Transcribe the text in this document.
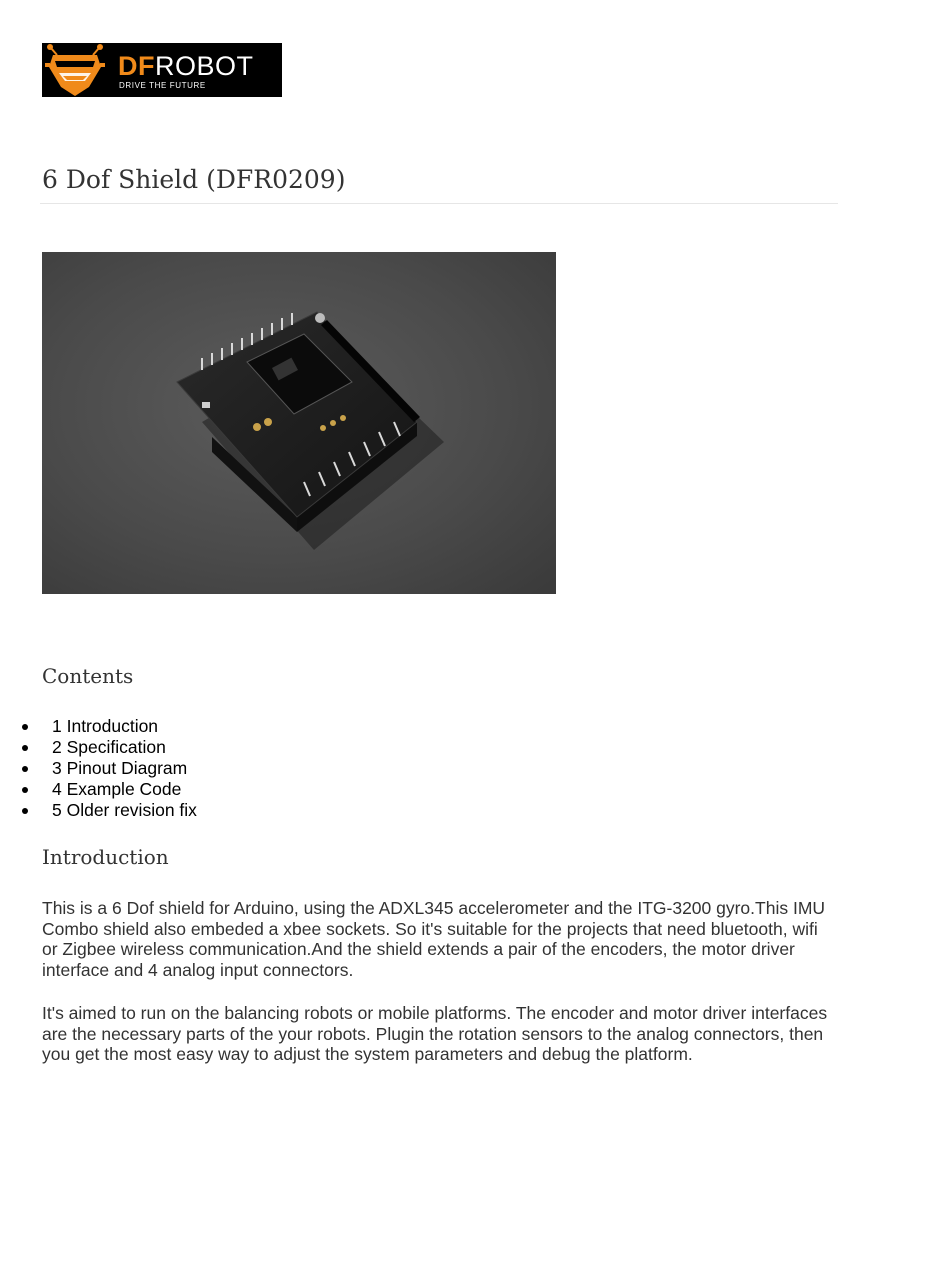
DFROBOT
DRIVE THE FUTURE
6 Dof Shield (DFR0209)
Contents
1 Introduction
2 Specification
3 Pinout Diagram
4 Example Code
5 Older revision fix
Introduction

This is a 6 Dof shield for Arduino, using the ADXL345 accelerometer and the ITG-3200 gyro.This IMU Combo shield also embeded a xbee sockets. So it's suitable for the projects that need bluetooth, wifi or Zigbee wireless communication.And the shield extends a pair of the encoders, the motor driver interface and 4 analog input connectors.

It's aimed to run on the balancing robots or mobile platforms. The encoder and motor driver interfaces are the necessary parts of the your robots. Plugin the rotation sensors to the analog connectors, then you get the most easy way to adjust the system parameters and debug the platform.
